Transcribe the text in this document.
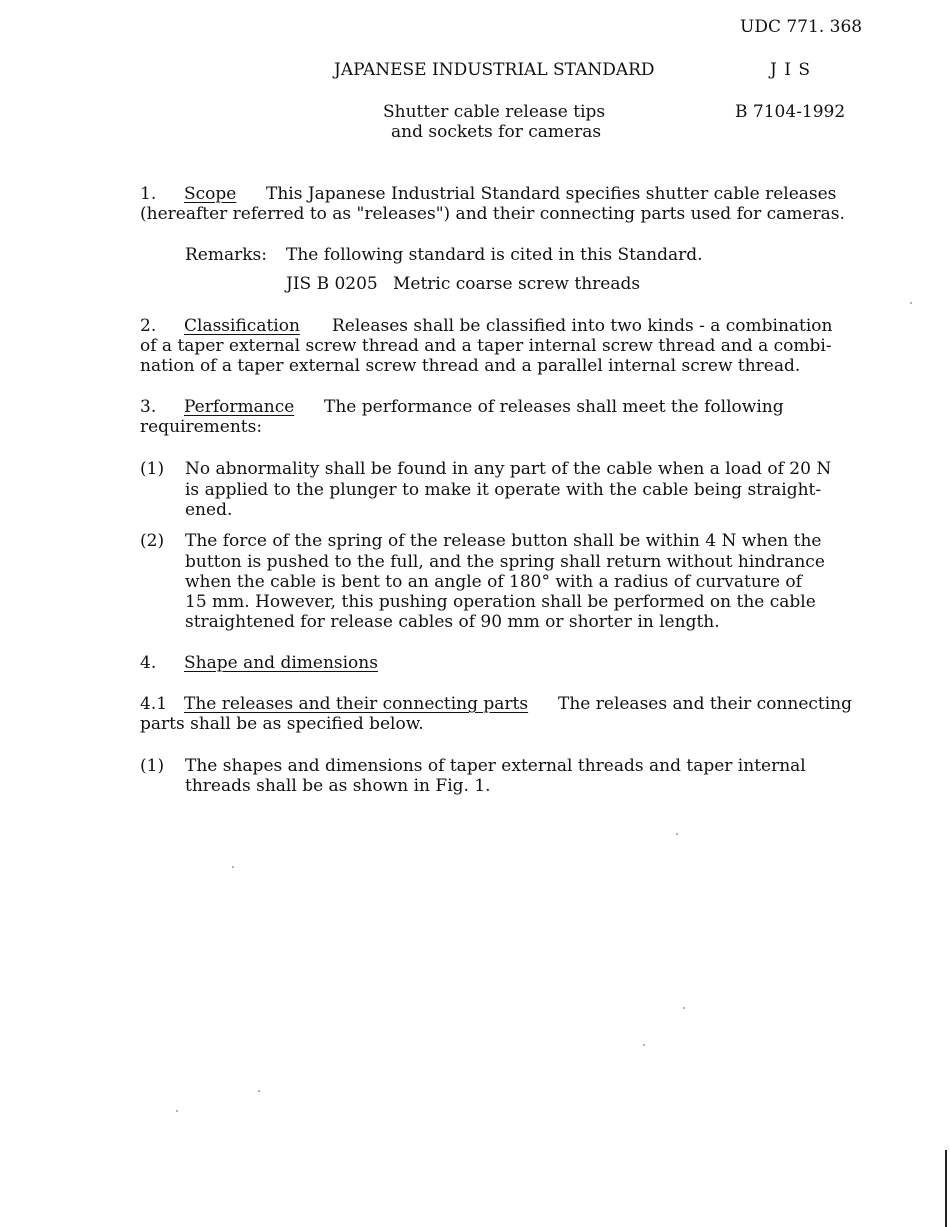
UDC 771. 368
JAPANESE INDUSTRIAL STANDARD	J I S
Shutter cable release tips
and sockets for cameras
B 7104-1992
1. Scope This Japanese Industrial Standard specifies shutter cable releases
(hereafter referred to as "releases") and their connecting parts used for cameras.
Remarks: The following standard is cited in this Standard.
JIS B 0205 Metric coarse screw threads
2. Classification Releases shall be classified into two kinds - a combination
of a taper external screw thread and a taper internal screw thread and a combi-
nation of a taper external screw thread and a parallel internal screw thread.
3. Performance The performance of releases shall meet the following
requirements:
(1) No abnormality shall be found in any part of the cable when a load of 20 N
is applied to the plunger to make it operate with the cable being straight-
ened.
(2) The force of the spring of the release button shall be within 4 N when the
button is pushed to the full, and the spring shall return without hindrance
when the cable is bent to an angle of 180° with a radius of curvature of
15 mm. However, this pushing operation shall be performed on the cable
straightened for release cables of 90 mm or shorter in length.
4. Shape and dimensions
4.1 The releases and their connecting parts The releases and their connecting
parts shall be as specified below.
(1) The shapes and dimensions of taper external threads and taper internal
threads shall be as shown in Fig. 1.
